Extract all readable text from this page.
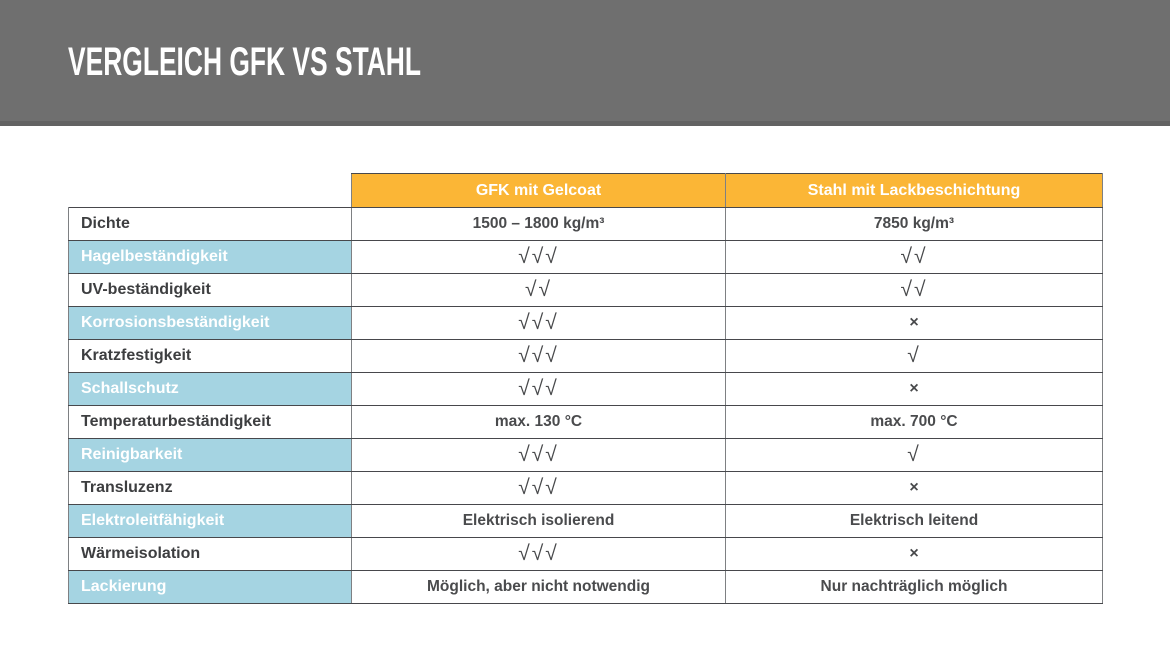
VERGLEICH GFK VS STAHL
	GFK mit Gelcoat	Stahl mit Lackbeschichtung
Dichte	1500 – 1800 kg/m³	7850 kg/m³
Hagelbeständigkeit	√√√	√√
UV-beständigkeit	√√	√√
Korrosionsbeständigkeit	√√√	×
Kratzfestigkeit	√√√	√
Schallschutz	√√√	×
Temperaturbeständigkeit	max. 130 °C	max. 700 °C
Reinigbarkeit	√√√	√
Transluzenz	√√√	×
Elektroleitfähigkeit	Elektrisch isolierend	Elektrisch leitend
Wärmeisolation	√√√	×
Lackierung	Möglich, aber nicht notwendig	Nur nachträglich möglich
